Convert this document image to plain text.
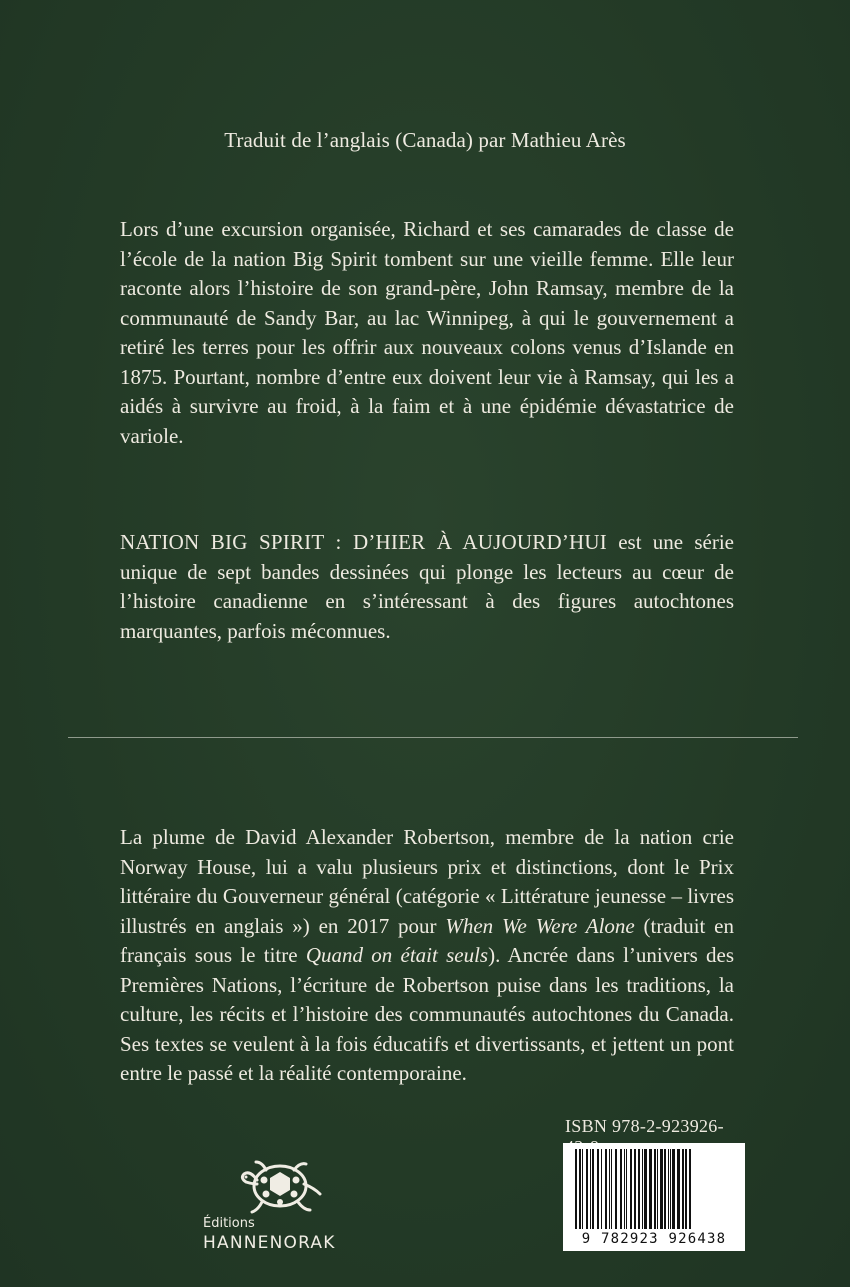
Traduit de l’anglais (Canada) par Mathieu Arès

Lors d’une excursion organisée, Richard et ses camarades de classe de l’école de la nation Big Spirit tombent sur une vieille femme. Elle leur raconte alors l’histoire de son grand-père, John Ramsay, membre de la communauté de Sandy Bar, au lac Winnipeg, à qui le gouvernement a retiré les terres pour les offrir aux nouveaux colons venus d’Islande en 1875. Pourtant, nombre d’entre eux doivent leur vie à Ramsay, qui les a aidés à survivre au froid, à la faim et à une épidémie dévastatrice de variole.

NATION BIG SPIRIT : D’HIER À AUJOURD’HUI est une série unique de sept bandes dessinées qui plonge les lecteurs au cœur de l’histoire canadienne en s’intéressant à des figures autochtones marquantes, parfois méconnues.

La plume de David Alexander Robertson, membre de la nation crie Norway House, lui a valu plusieurs prix et distinctions, dont le Prix littéraire du Gouverneur général (catégorie « Littérature jeunesse – livres illustrés en anglais ») en 2017 pour When We Were Alone (traduit en français sous le titre Quand on était seuls). Ancrée dans l’univers des Premières Nations, l’écriture de Robertson puise dans les traditions, la culture, les récits et l’histoire des communautés autochtones du Canada. Ses textes se veulent à la fois éducatifs et divertissants, et jettent un pont entre le passé et la réalité contemporaine.

ISBN 978-2-923926-
9 782923 926438
Éditions
HANNENORAK
